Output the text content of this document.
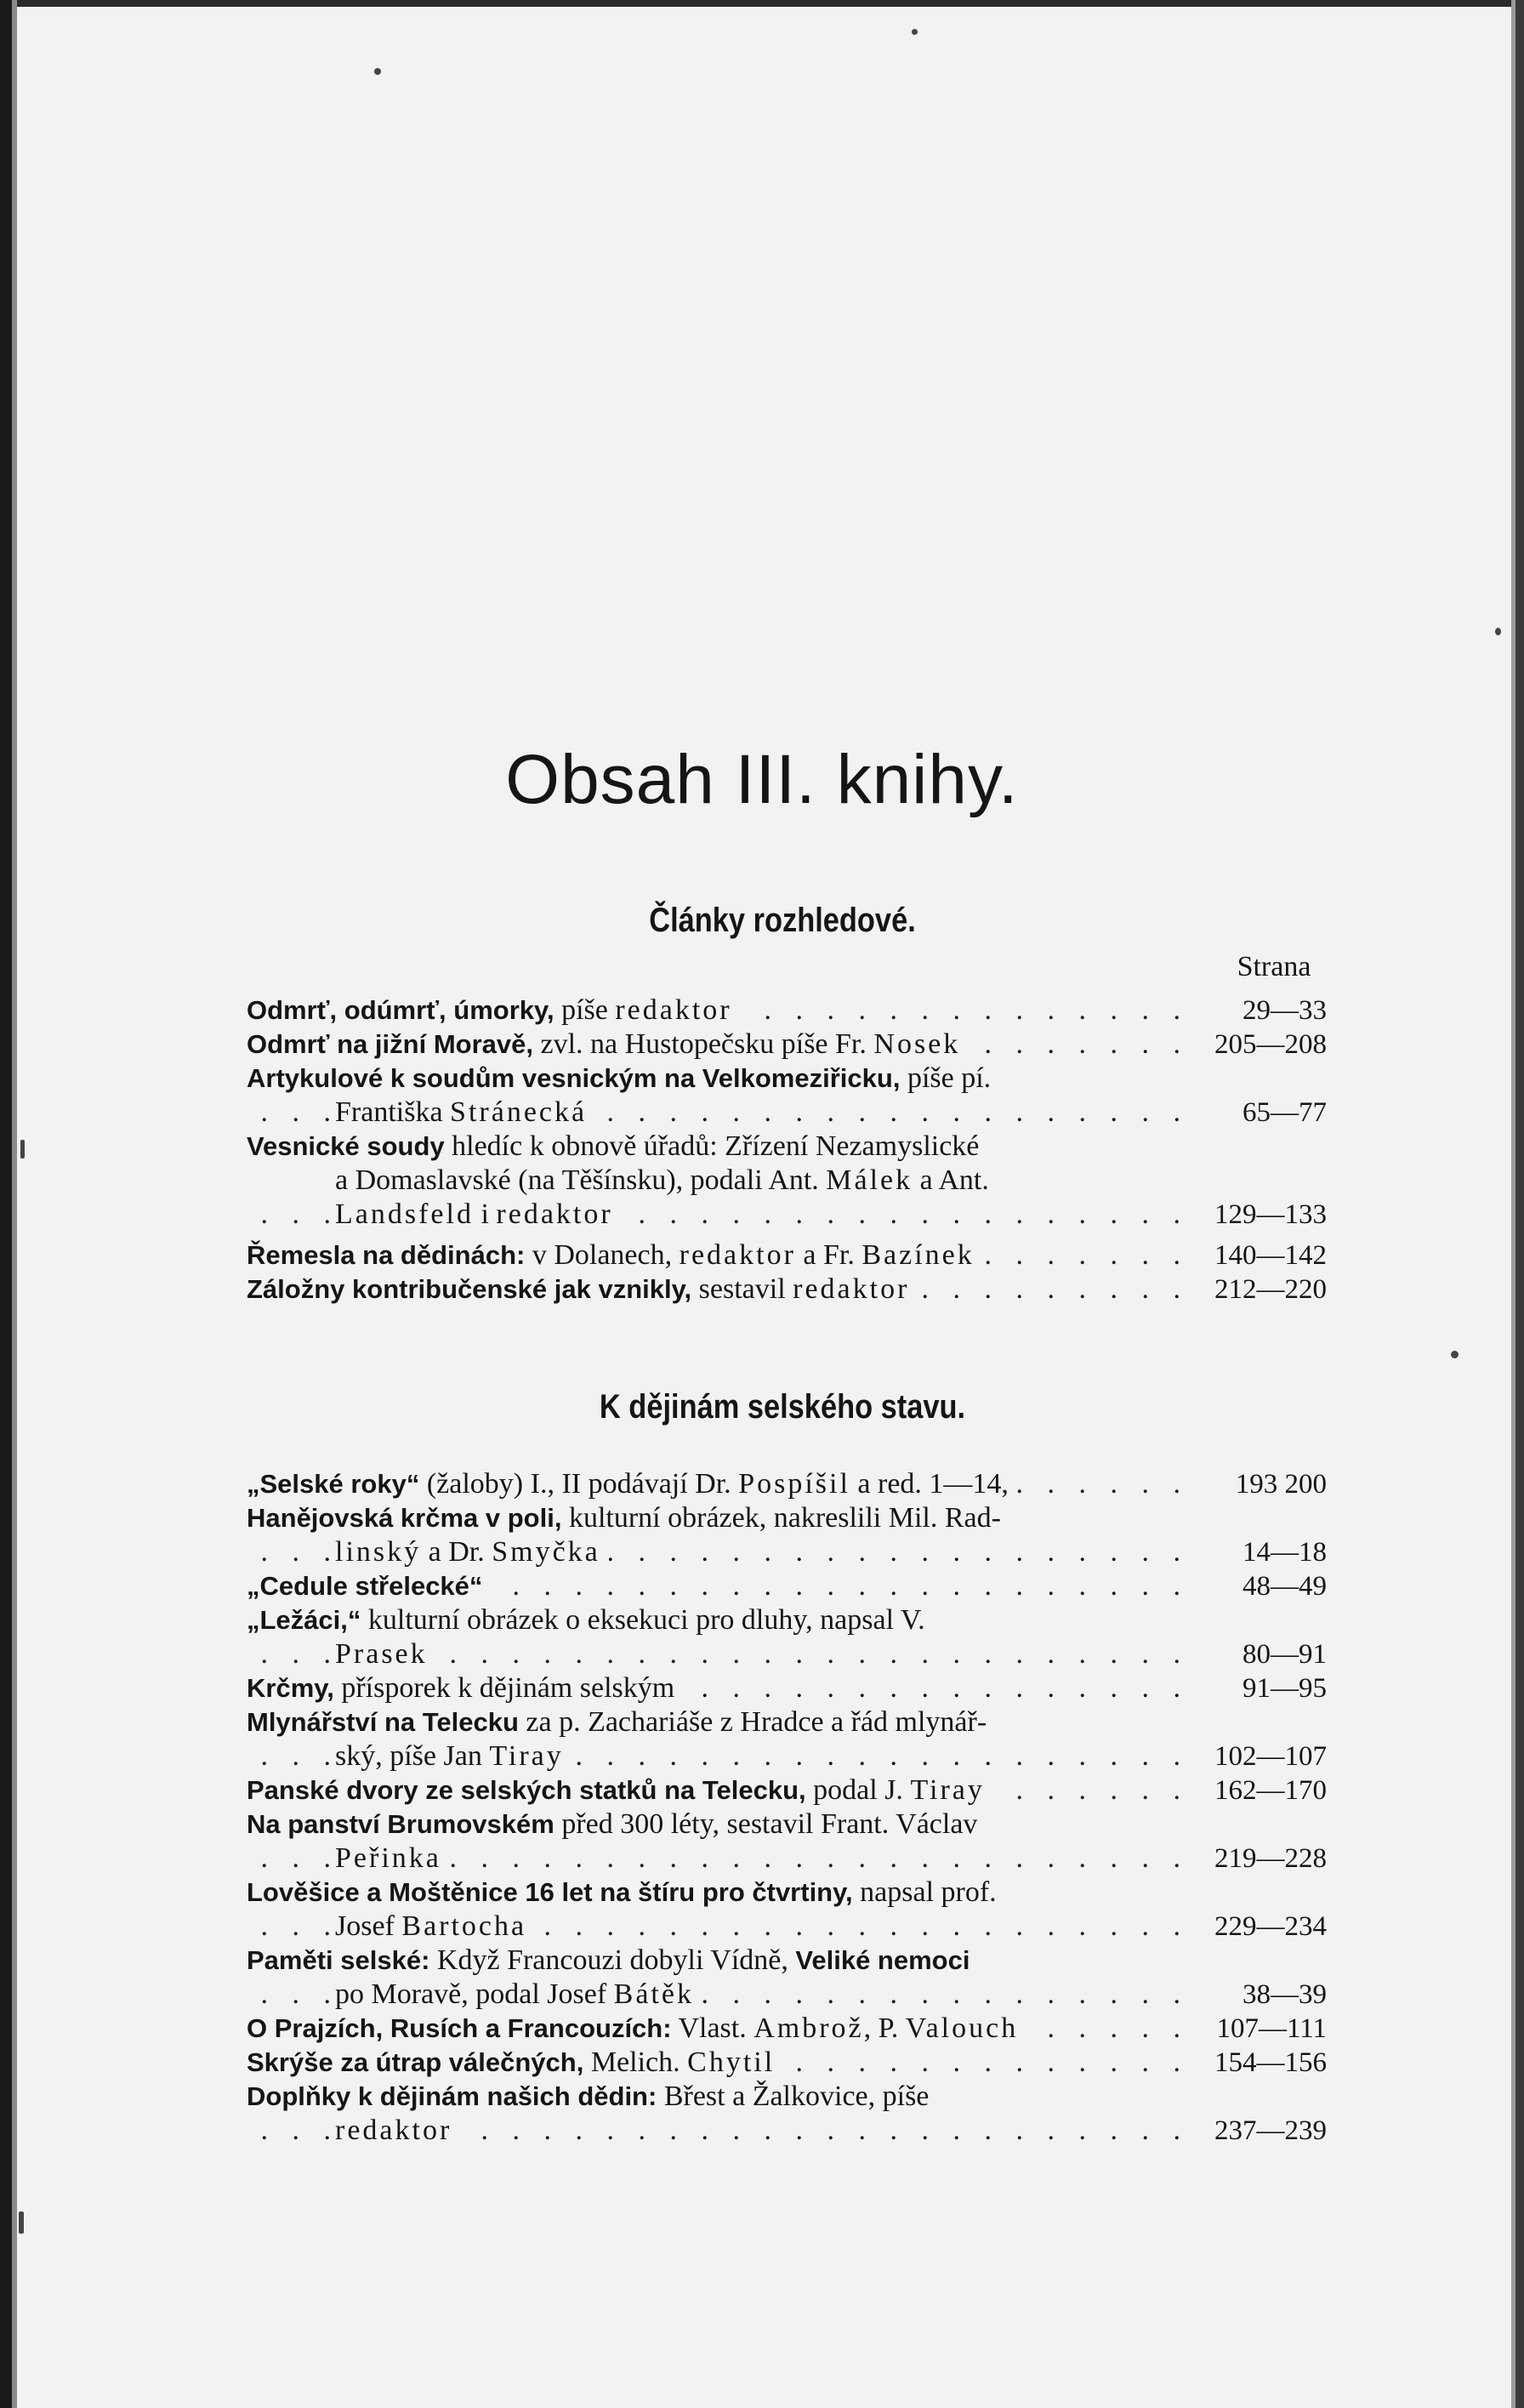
Obsah III. knihy.
Strana
Články rozhledové.
. . .
29—33
Odmrť, odúmrť, úmorky, píše redaktor
. . .
205—208
Odmrť na jižní Moravě, zvl. na Hustopečsku píše Fr. Nosek
Artykulové k soudům vesnickým na Velkomeziřicku, píše pí.
. . .
65—77
Františka Stránecká
Vesnické soudy hledíc k obnově úřadů: Zřízení Nezamyslické
a Domaslavské (na Těšínsku), podali Ant. Málek a Ant.
. . .
129—133
Landsfeld i redaktor
. . .
140—142
Řemesla na dědinách: v Dolanech, redaktor a Fr. Bazínek
. . .
212—220
Záložny kontribučenské jak vznikly, sestavil redaktor
K dějinám selského stavu.
. . .
193 200
„Selské roky“ (žaloby) I., II podávají Dr. Pospíšil a red. 1—14,
Hanějovská krčma v poli, kulturní obrázek, nakreslili Mil. Rad-
. . .
14—18
linský a Dr. Smyčka
. . .
48—49
„Cedule střelecké“
„Ležáci,“ kulturní obrázek o eksekuci pro dluhy, napsal V.
. . .
80—91
Prasek
. . .
91—95
Krčmy, přísporek k dějinám selským
Mlynářství na Telecku za p. Zachariáše z Hradce a řád mlynář-
. . .
102—107
ský, píše Jan Tiray
. . .
162—170
Panské dvory ze selských statků na Telecku, podal J. Tiray
Na panství Brumovském před 300 léty, sestavil Frant. Václav
. . .
219—228
Peřinka
Lověšice a Moštěnice 16 let na štíru pro čtvrtiny, napsal prof.
. . .
229—234
Josef Bartocha
Paměti selské: Když Francouzi dobyli Vídně, Veliké nemoci
. . .
38—39
po Moravě, podal Josef Bátěk
. . .
107—111
O Prajzích, Rusích a Francouzích: Vlast. Ambrož, P. Valouch
. . .
154—156
Skrýše za útrap válečných, Melich. Chytil
Doplňky k dějinám našich dědin: Břest a Žalkovice, píše
. . .
237—239
redaktor
